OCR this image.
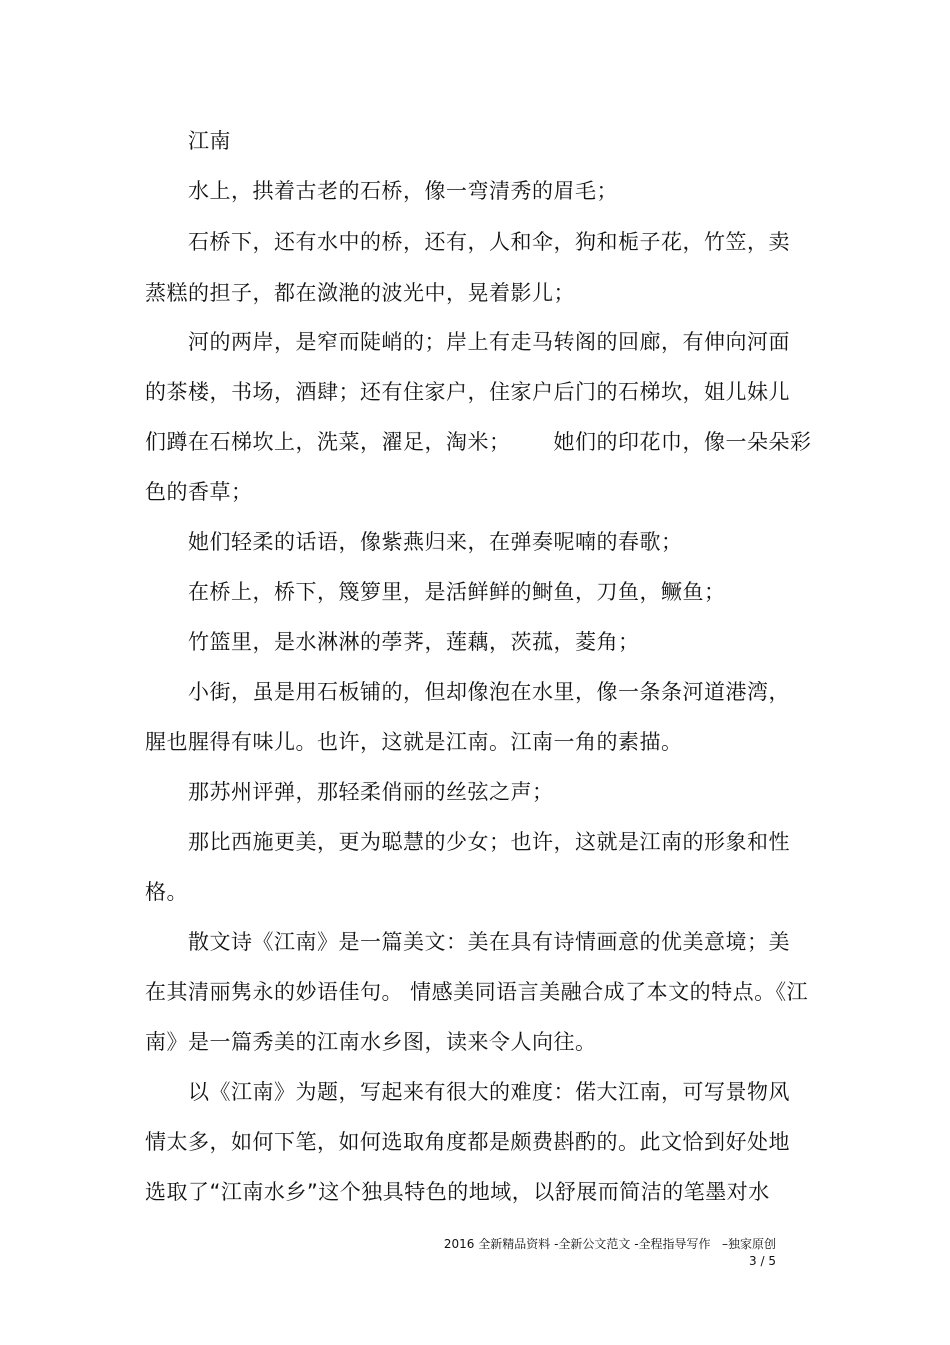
江南
水上，拱着古老的石桥，像一弯清秀的眉毛；
石桥下，还有水中的桥，还有，人和伞，狗和栀子花，竹笠，卖
蒸糕的担子，都在潋滟的波光中，晃着影儿；
河的两岸，是窄而陡峭的；岸上有走马转阁的回廊，有伸向河面
的茶楼，书场，酒肆；还有住家户，住家户后门的石梯坎，姐儿妹儿
们蹲在石梯坎上，洗菜，濯足，淘米；      她们的印花巾，像一朵朵彩
色的香草；
她们轻柔的话语，像紫燕归来，在弹奏呢喃的春歌；
在桥上，桥下，篾箩里，是活鲜鲜的鲥鱼，刀鱼，鳜鱼；
竹篮里，是水淋淋的荸荠，莲藕，茨菰，菱角；
小街，虽是用石板铺的，但却像泡在水里，像一条条河道港湾，
腥也腥得有味儿。也许，这就是江南。江南一角的素描。
那苏州评弹，那轻柔俏丽的丝弦之声；
那比西施更美，更为聪慧的少女；也许，这就是江南的形象和性
格。
散文诗《江南》是一篇美文：美在具有诗情画意的优美意境；美
在其清丽隽永的妙语佳句。 情感美同语言美融合成了本文的特点。《江
南》是一篇秀美的江南水乡图，读来令人向往。
以《江南》为题，写起来有很大的难度：偌大江南，可写景物风
情太多，如何下笔，如何选取角度都是颇费斟酌的。此文恰到好处地
选取了“江南水乡”这个独具特色的地域，以舒展而简洁的笔墨对水
2016 全新精品资料 -全新公文范文 -全程指导写作   –独家原创
3 / 5
